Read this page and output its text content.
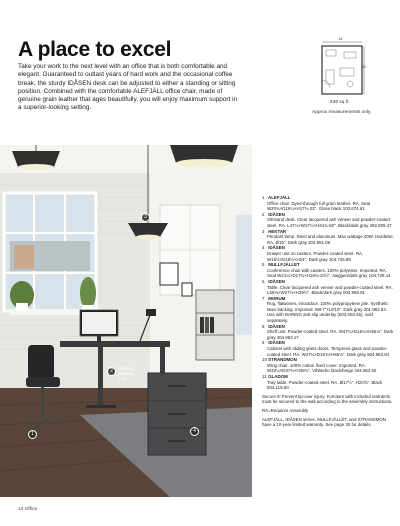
A place to excel
Take your work to the next level with an office that is both comfortable and elegant. Guaranteed to outlast years of hard work and the occasional coffee break, the sturdy IDÅSEN desk can be adjusted to either a standing or sitting position. Combined with the comfortable ALEFJÄLL office chair, made of genuine grain leather that ages beautifully, you will enjoy maximum support in a superior-looking setting.
14'
11'
538 sq ft.
Approx measurements only.
3
2	IDÅSEN
sit/stand
desk
1	4
1 ALEFJÄLL
Office chair. Dyed-through full grain leather. RA. Seat W20¾×D16¼×H17¾-22". Glose black 103.674.61
2 IDÅSEN
Sit/stand desk. Clear lacquered ash veneer and powder-coated steel. RA. L47¼×W27½×H24¾-50". Black/dark gray 492.809.47
3 HEKTAR
Pendant lamp. Steel and aluminum. Max wattage 40W. Hardwire. RA. Ø15". Dark gray 202.961.09
4 IDÅSEN
Drawer unit on casters. Powder-coated steel. RA. W16½×D18½×H24". Dark gray 104.725.89
5 MULLFJÄLLET
Conference chair with casters. 100% polyester. Imported. RA. Seat W21¼×D17¾×H18¾-23½". Naggen/dark gray 104.729.14
6 IDÅSEN
Table. Clear lacquered ash veneer and powder-coated steel. RA. L55⅛×W27½×H29½". Black/dark gray 003.958.91
7 MORUM
Rug, flatwoven, in/outdoor. 100% polypropylene pile. Synthetic latex backing. Imported. W6'7"×L9'10". Dark gray 201.982.93. Use with BARING anti-slip underlay (603.003.45), sold separately.
8 IDÅSEN
Shelf unit. Powder-coated steel. RA. W47¼×D15¾×H55⅛". Dark gray 404.963.17
9 IDÅSEN
Cabinet with sliding glass doors. Tempered glass and powder-coated steel. RA. W47¼×D15¾×H55⅛". Dark gray 904.963.84
10 STRANDMON
Wing chair. 100% cotton fixed cover. Imported. RA. W32¼×D37¾×H39¾". Vibberbo black/beige 404.563.50
11 GLADOM
Tray table. Powder-coated steel. RA. Ø17½", H20⅝". Black 504.119.50
Secure it! Prevent tip-over injury. Furniture with included restraints must be secured to the wall according to the assembly instructions.
RA=Requires Assembly
ALEFJÄLL, IDÅSEN series, MULLFJÄLLET, and STRANDMON have a 10-year limited warranty. See page 35 for details.
14 Office
